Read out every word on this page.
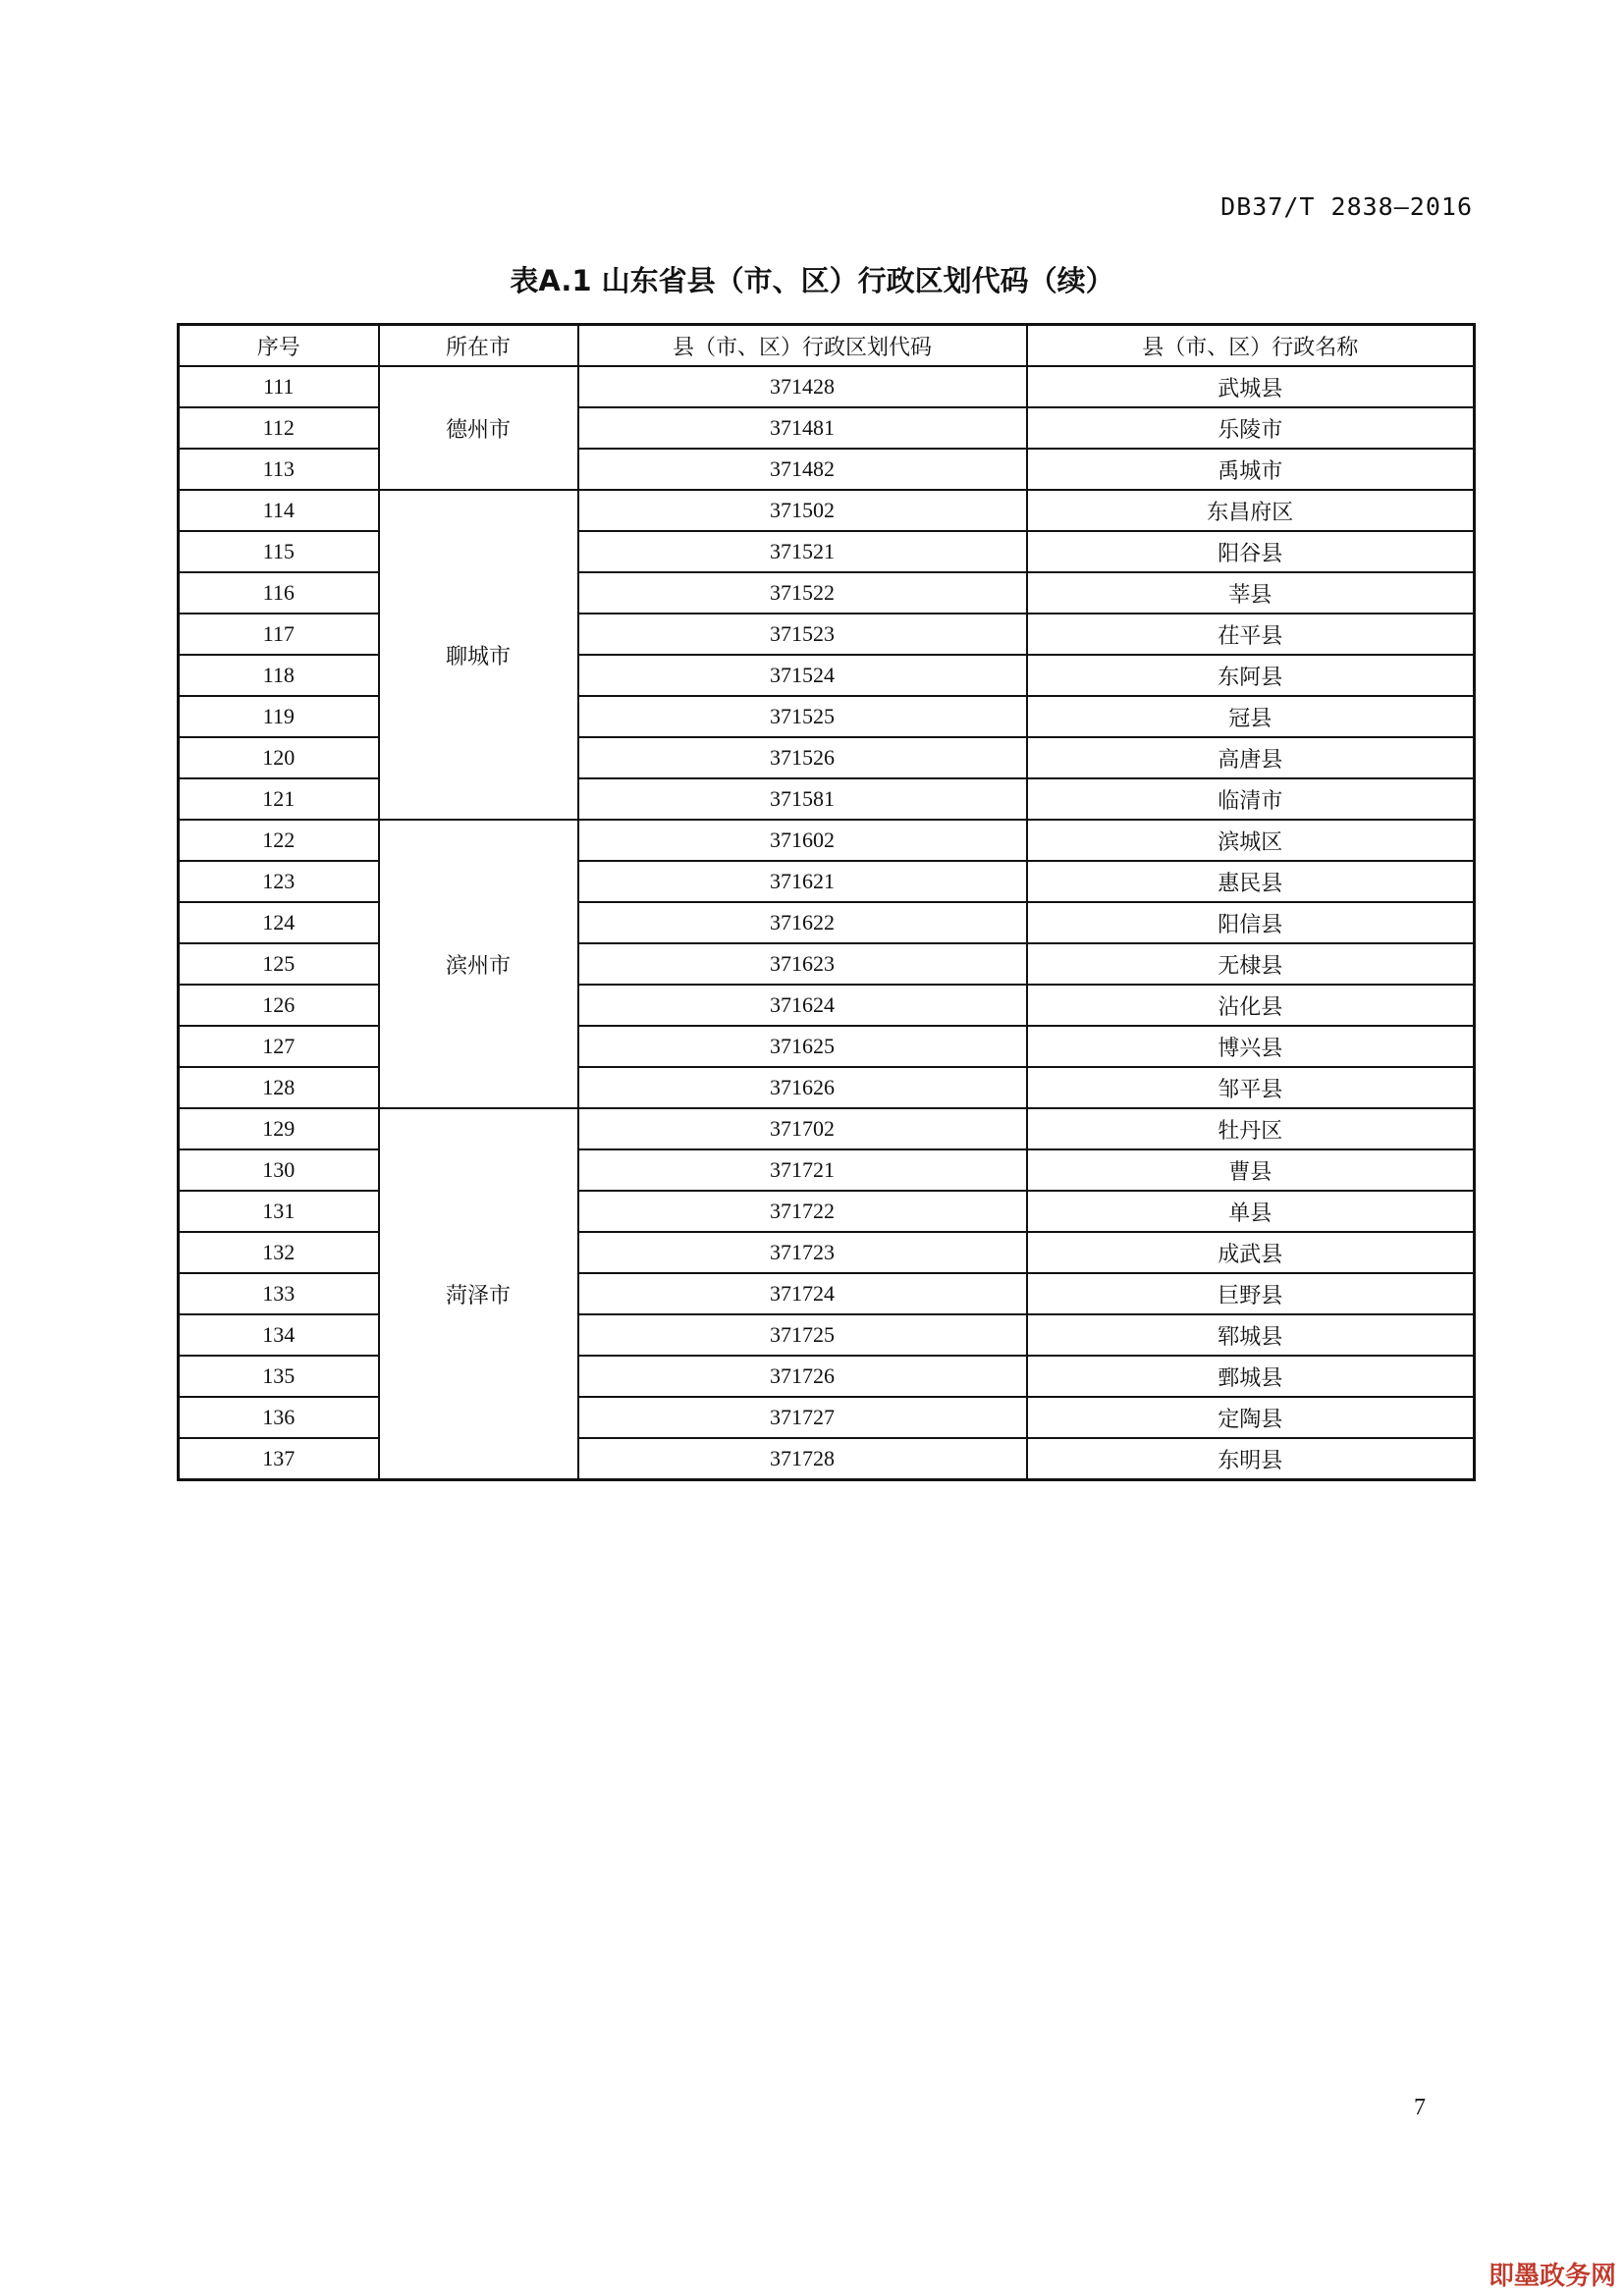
DB37/T 2838—2016
表A.1 山东省县（市、区）行政区划代码（续）
序号	所在市	县（市、区）行政区划代码	县（市、区）行政名称
111	德州市	371428	武城县
112		371481	乐陵市
113		371482	禹城市
114	聊城市	371502	东昌府区
115		371521	阳谷县
116		371522	莘县
117		371523	茌平县
118		371524	东阿县
119		371525	冠县
120		371526	高唐县
121		371581	临清市
122	滨州市	371602	滨城区
123		371621	惠民县
124		371622	阳信县
125		371623	无棣县
126		371624	沾化县
127		371625	博兴县
128		371626	邹平县
129	菏泽市	371702	牡丹区
130		371721	曹县
131		371722	单县
132		371723	成武县
133		371724	巨野县
134		371725	郓城县
135		371726	鄄城县
136		371727	定陶县
137		371728	东明县
7
即墨政务网
